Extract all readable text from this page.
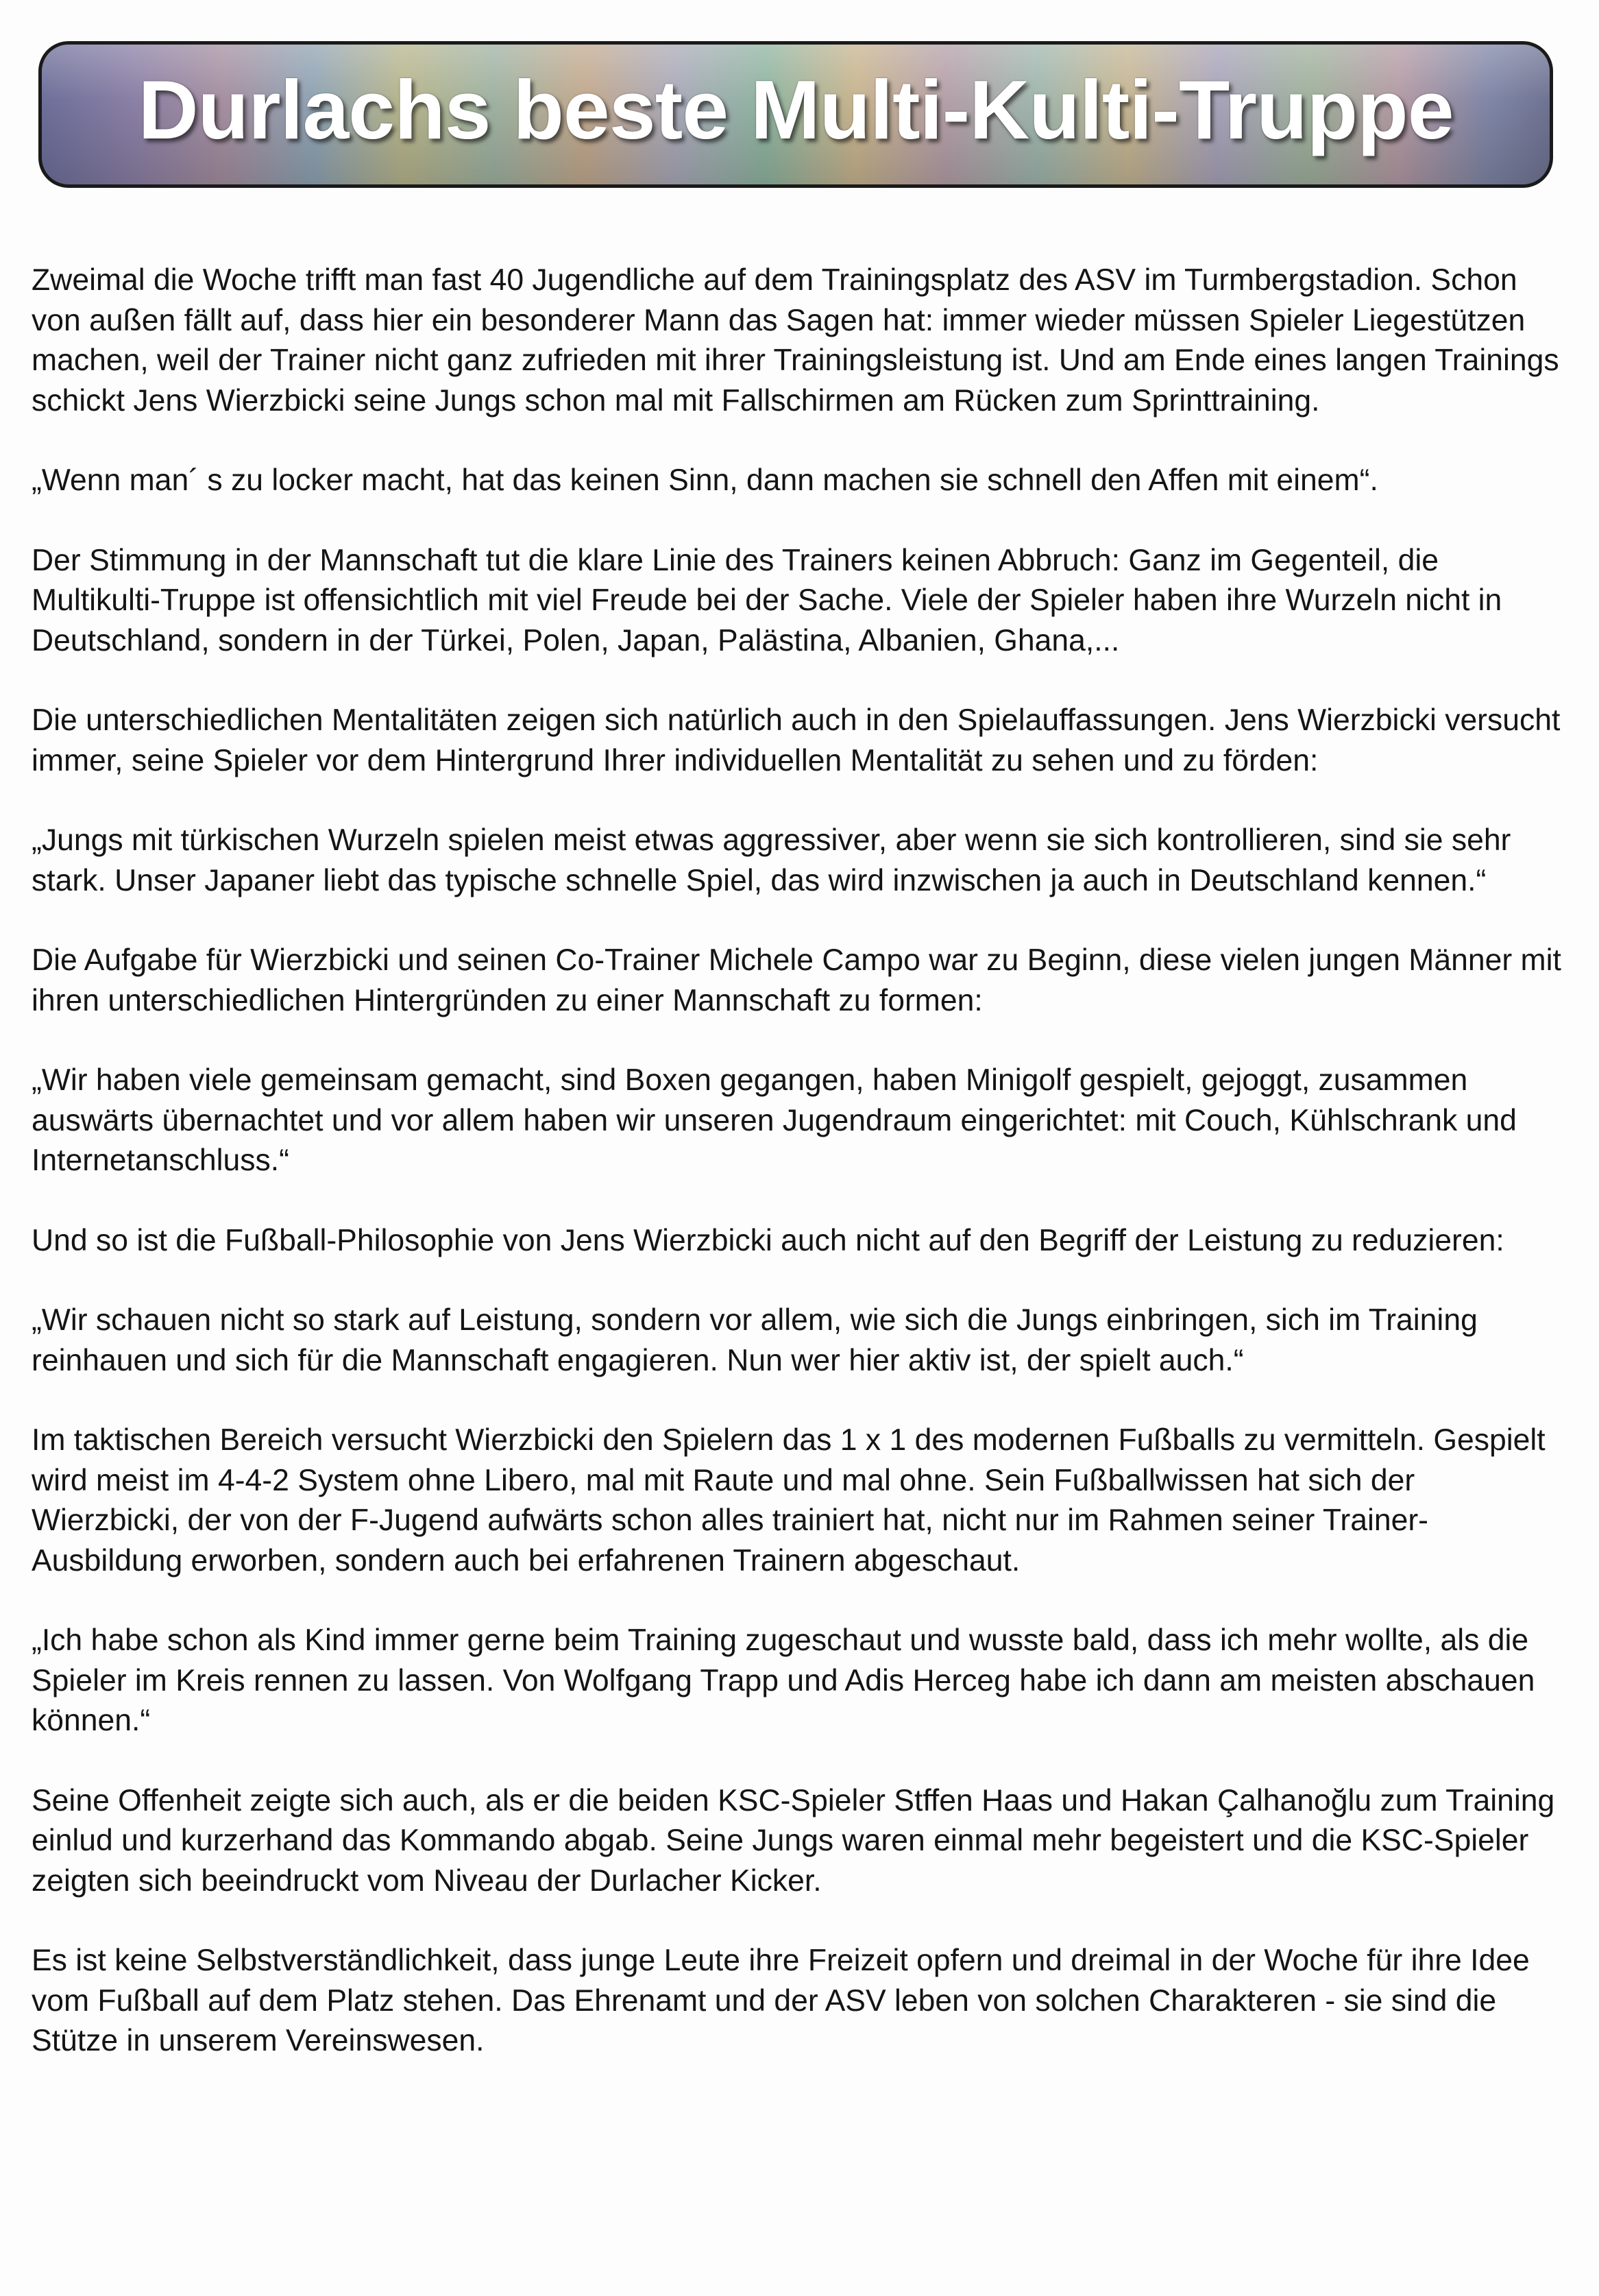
Durlachs beste Multi-Kulti-Truppe

Zweimal die Woche trifft man fast 40 Jugendliche auf dem Trainingsplatz des ASV im Turmbergstadion. Schon von außen fällt auf, dass hier ein besonderer Mann das Sagen hat: immer wieder müssen Spieler Liegestützen machen, weil der Trainer nicht ganz zufrieden mit ihrer Trainingsleistung ist. Und am Ende eines langen Trainings schickt Jens Wierzbicki seine Jungs schon mal mit Fallschirmen am Rücken zum Sprinttraining.

„Wenn man´ s zu locker macht, hat das keinen Sinn, dann machen sie schnell den Affen mit einem“.

Der Stimmung in der Mannschaft tut die klare Linie des Trainers keinen Abbruch: Ganz im Gegenteil, die Multikulti-Truppe ist offensichtlich mit viel Freude bei der Sache. Viele der Spieler haben ihre Wurzeln nicht in Deutschland, sondern in der Türkei, Polen, Japan, Palästina, Albanien, Ghana,...

Die unterschiedlichen Mentalitäten zeigen sich natürlich auch in den Spielauffassungen. Jens Wierzbicki versucht immer, seine Spieler vor dem Hintergrund Ihrer individuellen Mentalität zu sehen und zu förden:

„Jungs mit türkischen Wurzeln spielen meist etwas aggressiver, aber wenn sie sich kontrollieren, sind sie sehr stark. Unser Japaner liebt das typische schnelle Spiel, das wird inzwischen ja auch in Deutschland kennen.“

Die Aufgabe für Wierzbicki und seinen Co-Trainer Michele Campo war zu Beginn, diese vielen jungen Männer mit ihren unterschiedlichen Hintergründen zu einer Mannschaft zu formen:

„Wir haben viele gemeinsam gemacht, sind Boxen gegangen, haben Minigolf gespielt, gejoggt, zusammen auswärts übernachtet und vor allem haben wir unseren Jugendraum eingerichtet: mit Couch, Kühlschrank und Internetanschluss.“

Und so ist die Fußball-Philosophie von Jens Wierzbicki auch nicht auf den Begriff der Leistung zu reduzieren:

„Wir schauen nicht so stark auf Leistung, sondern vor allem, wie sich die Jungs einbringen, sich im Training reinhauen und sich für die Mannschaft engagieren. Nun wer hier aktiv ist, der spielt auch.“

Im taktischen Bereich versucht Wierzbicki den Spielern das 1 x 1 des modernen Fußballs zu vermitteln. Gespielt wird meist im 4-4-2 System ohne Libero, mal mit Raute und mal ohne. Sein Fußballwissen hat sich der Wierzbicki, der von der F-Jugend aufwärts schon alles trainiert hat, nicht nur im Rahmen seiner Trainer-Ausbildung erworben, sondern auch bei erfahrenen Trainern abgeschaut.

„Ich habe schon als Kind immer gerne beim Training zugeschaut und wusste bald, dass ich mehr wollte, als die Spieler im Kreis rennen zu lassen. Von Wolfgang Trapp und Adis Herceg habe ich dann am meisten abschauen können.“

Seine Offenheit zeigte sich auch, als er die beiden KSC-Spieler Stffen Haas und Hakan Çalhanoğlu zum Training einlud und kurzerhand das Kommando abgab. Seine Jungs waren einmal mehr begeistert und die KSC-Spieler zeigten sich beeindruckt vom Niveau der Durlacher Kicker.

Es ist keine Selbstverständlichkeit, dass junge Leute ihre Freizeit opfern und dreimal in der Woche für ihre Idee vom Fußball auf dem Platz stehen. Das Ehrenamt und der ASV leben von solchen Charakteren - sie sind die Stütze in unserem Vereinswesen.
